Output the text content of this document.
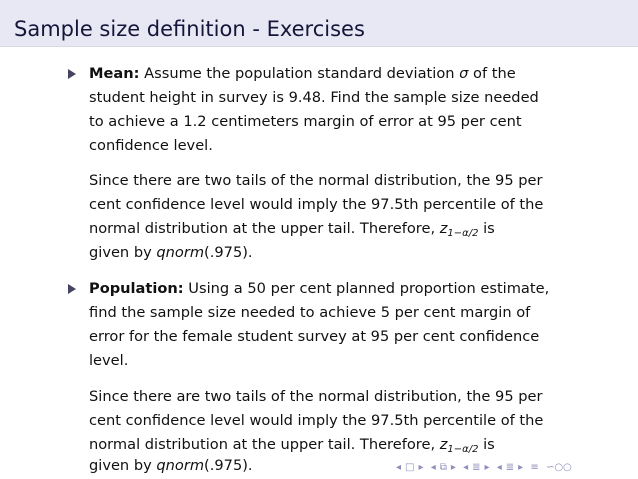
Sample size definition - Exercises
Mean: Assume the population standard deviation σ of the
student height in survey is 9.48. Find the sample size needed
to achieve a 1.2 centimeters margin of error at 95 per cent
confidence level.
Since there are two tails of the normal distribution, the 95 per
cent confidence level would imply the 97.5th percentile of the
normal distribution at the upper tail. Therefore, $z_{1-\alpha/2}$ is
given by qnorm(.975).
Population: Using a 50 per cent planned proportion estimate,
find the sample size needed to achieve 5 per cent margin of
error for the female student survey at 95 per cent confidence
level.
Since there are two tails of the normal distribution, the 95 per
cent confidence level would imply the 97.5th percentile of the
normal distribution at the upper tail. Therefore, $z_{1-\alpha/2}$ is
given by qnorm(.975).	◂ □ ▸ ◂ ⧉ ▸ ◂ ≣ ▸ ◂ ≣ ▸ ≡ ∽○○
